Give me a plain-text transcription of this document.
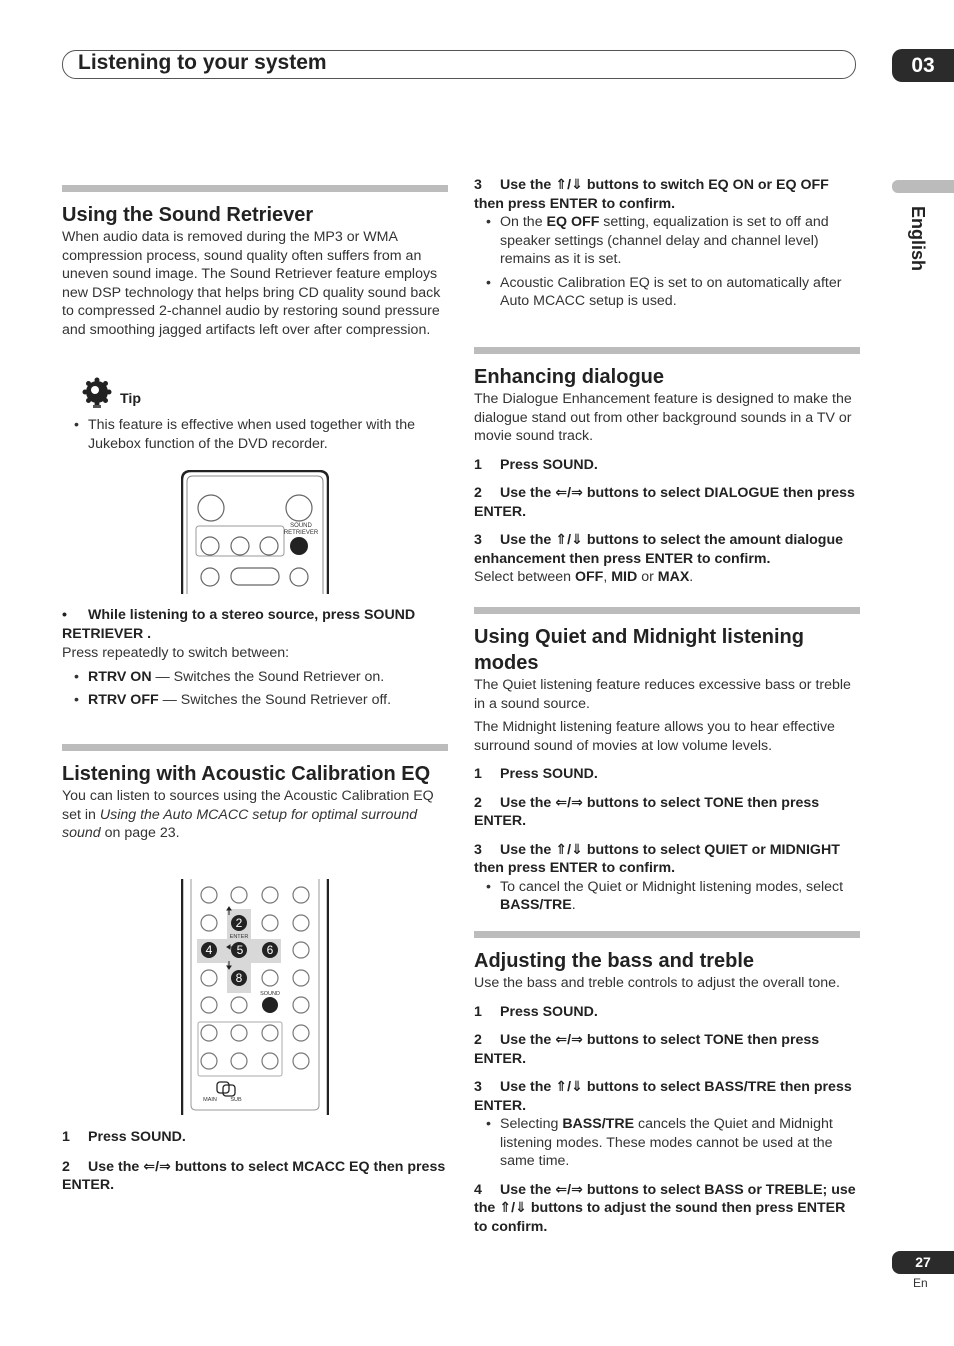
Listening to your system	03
English
Using the Sound Retriever

When audio data is removed during the MP3 or WMA compression process, sound quality often suffers from an uneven sound image. The Sound Retriever feature employs new DSP technology that helps bring CD quality sound back to compressed 2-channel audio by restoring sound pressure and smoothing jagged artifacts left over after compression.

Tip
• This feature is effective when used together with the Jukebox function of the DVD recorder.
SOUND
RETRIEVER

• While listening to a stereo source, press SOUND RETRIEVER .

Press repeatedly to switch between:

• RTRV ON — Switches the Sound Retriever on.
• RTRV OFF — Switches the Sound Retriever off.
Listening with Acoustic Calibration EQ

You can listen to sources using the Acoustic Calibration EQ set in Using the Auto MCACC setup for optimal surround sound on page 23.

2
4 5 6
8
ENTER
SOUND
MAIN SUB

1 Press SOUND.

2 Use the ⇐/⇒ buttons to select MCACC EQ then press ENTER.

3 Use the ⇑/⇓ buttons to switch EQ ON or EQ OFF then press ENTER to confirm.

• On the EQ OFF setting, equalization is set to off and speaker settings (channel delay and channel level) remains as it is set.
• Acoustic Calibration EQ is set to on automatically after Auto MCACC setup is used.
Enhancing dialogue

The Dialogue Enhancement feature is designed to make the dialogue stand out from other background sounds in a TV or movie sound track.

1 Press SOUND.

2 Use the ⇐/⇒ buttons to select DIALOGUE then press ENTER.

3 Use the ⇑/⇓ buttons to select the amount dialogue enhancement then press ENTER to confirm.

Select between OFF, MID or MAX.

Using Quiet and Midnight listening modes

The Quiet listening feature reduces excessive bass or treble in a sound source.

The Midnight listening feature allows you to hear effective surround sound of movies at low volume levels.

1 Press SOUND.

2 Use the ⇐/⇒ buttons to select TONE then press ENTER.

3 Use the ⇑/⇓ buttons to select QUIET or MIDNIGHT then press ENTER to confirm.

• To cancel the Quiet or Midnight listening modes, select BASS/TRE.
Adjusting the bass and treble

Use the bass and treble controls to adjust the overall tone.

1 Press SOUND.

2 Use the ⇐/⇒ buttons to select TONE then press ENTER.

3 Use the ⇑/⇓ buttons to select BASS/TRE then press ENTER.

• Selecting BASS/TRE cancels the Quiet and Midnight listening modes. These modes cannot be used at the same time.

4 Use the ⇐/⇒ buttons to select BASS or TREBLE; use the ⇑/⇓ buttons to adjust the sound then press ENTER to confirm.

27
En
